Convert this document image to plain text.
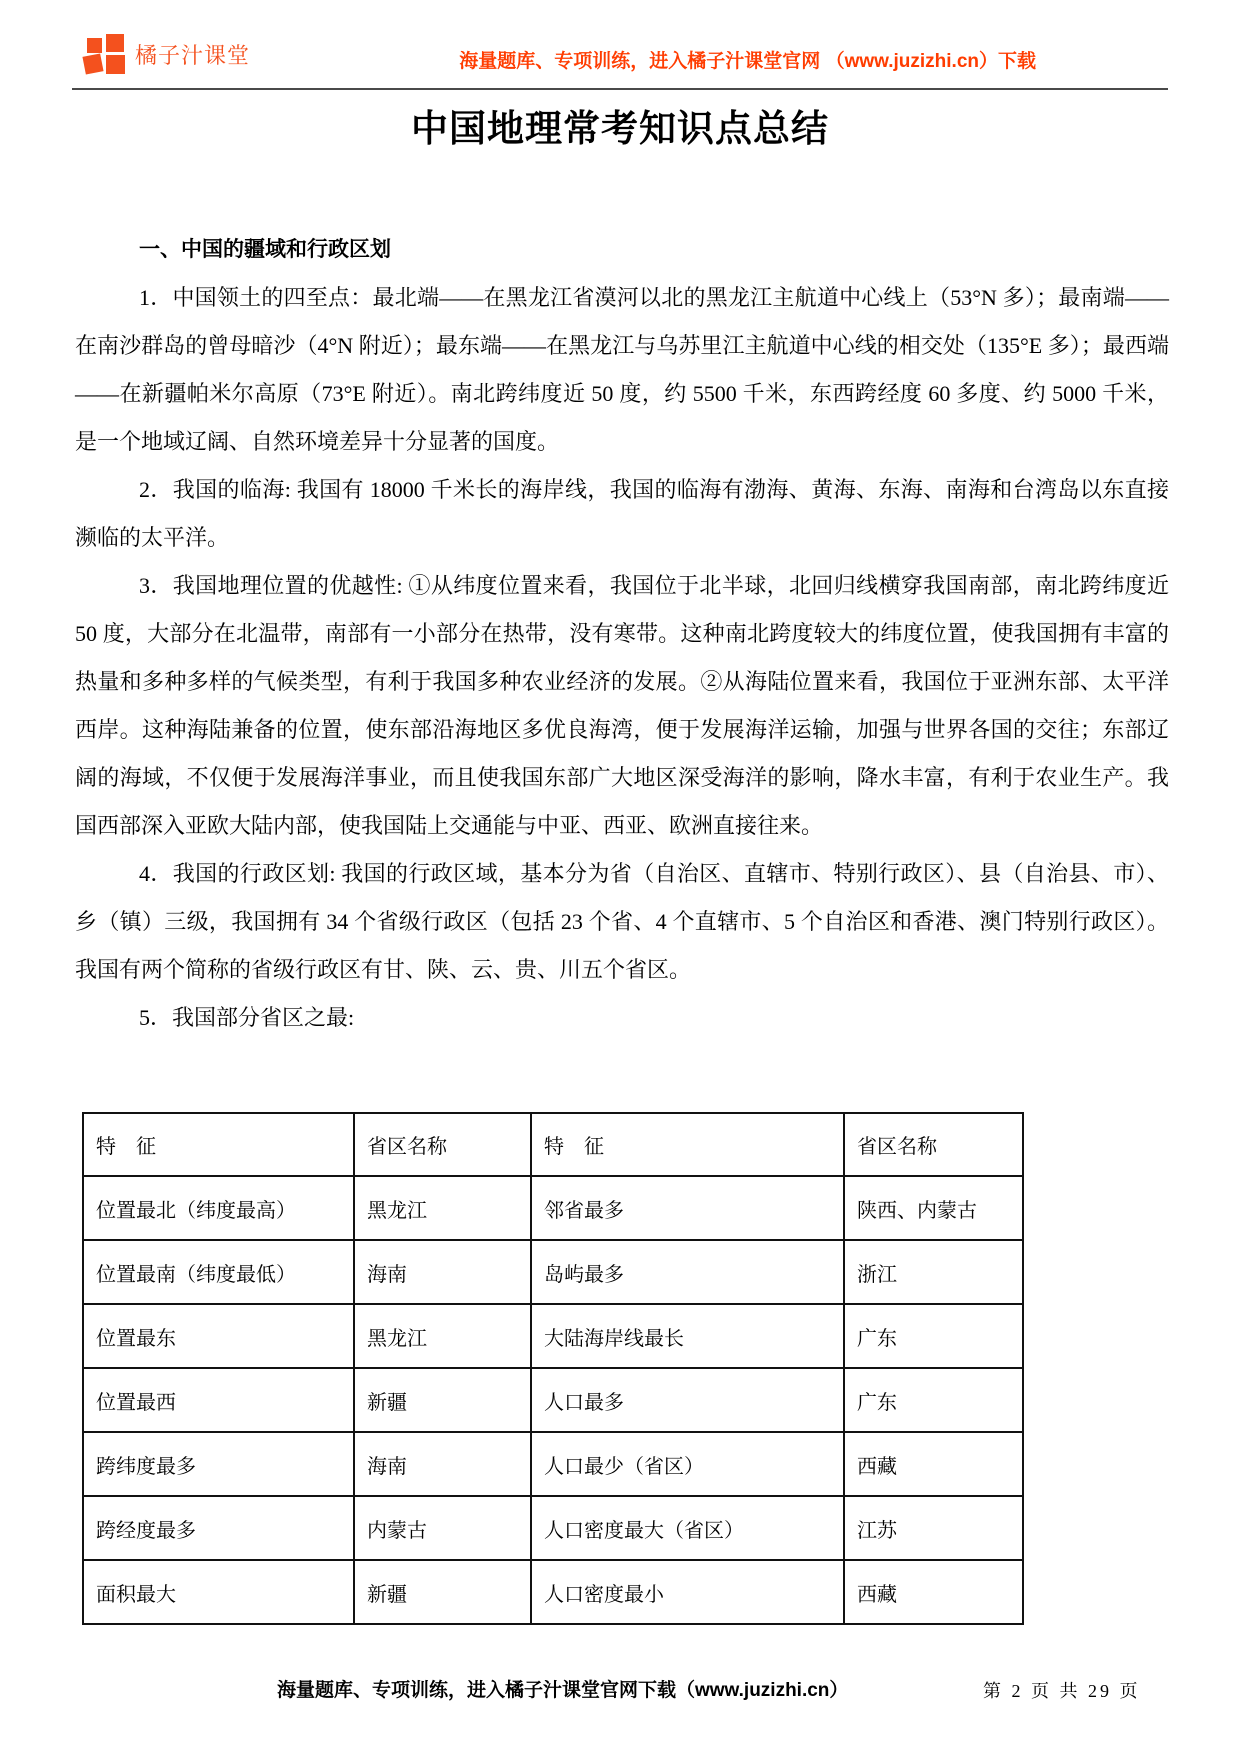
橘子汁课堂	海量题库、专项训练，进入橘子汁课堂官网 （www.juzizhi.cn）下载
中国地理常考知识点总结
一、中国的疆域和行政区划

1．中国领土的四至点：最北端——在黑龙江省漠河以北的黑龙江主航道中心线上（53°N 多）；最南端——在南沙群岛的曾母暗沙（4°N 附近）；最东端——在黑龙江与乌苏里江主航道中心线的相交处（135°E 多）；最西端——在新疆帕米尔高原（73°E 附近）。南北跨纬度近 50 度，约 5500 千米，东西跨经度 60 多度、约 5000 千米，是一个地域辽阔、自然环境差异十分显著的国度。

2．我国的临海: 我国有 18000 千米长的海岸线，我国的临海有渤海、黄海、东海、南海和台湾岛以东直接濒临的太平洋。

3．我国地理位置的优越性: ①从纬度位置来看，我国位于北半球，北回归线横穿我国南部，南北跨纬度近 50 度，大部分在北温带，南部有一小部分在热带，没有寒带。这种南北跨度较大的纬度位置，使我国拥有丰富的热量和多种多样的气候类型，有利于我国多种农业经济的发展。②从海陆位置来看，我国位于亚洲东部、太平洋西岸。这种海陆兼备的位置，使东部沿海地区多优良海湾，便于发展海洋运输，加强与世界各国的交往；东部辽阔的海域，不仅便于发展海洋事业，而且使我国东部广大地区深受海洋的影响，降水丰富，有利于农业生产。我国西部深入亚欧大陆内部，使我国陆上交通能与中亚、西亚、欧洲直接往来。

4．我国的行政区划: 我国的行政区域，基本分为省（自治区、直辖市、特别行政区）、县（自治县、市）、乡（镇）三级，我国拥有 34 个省级行政区（包括 23 个省、4 个直辖市、5 个自治区和香港、澳门特别行政区）。我国有两个简称的省级行政区有甘、陕、云、贵、川五个省区。

5．我国部分省区之最:

特　征	省区名称	特　征	省区名称
位置最北（纬度最高）	黑龙江	邻省最多	陕西、内蒙古
位置最南（纬度最低）	海南	岛屿最多	浙江
位置最东	黑龙江	大陆海岸线最长	广东
位置最西	新疆	人口最多	广东
跨纬度最多	海南	人口最少（省区）	西藏
跨经度最多	内蒙古	人口密度最大（省区）	江苏
面积最大	新疆	人口密度最小	西藏
海量题库、专项训练，进入橘子汁课堂官网下载（www.juzizhi.cn）	第 2 页 共 29 页
